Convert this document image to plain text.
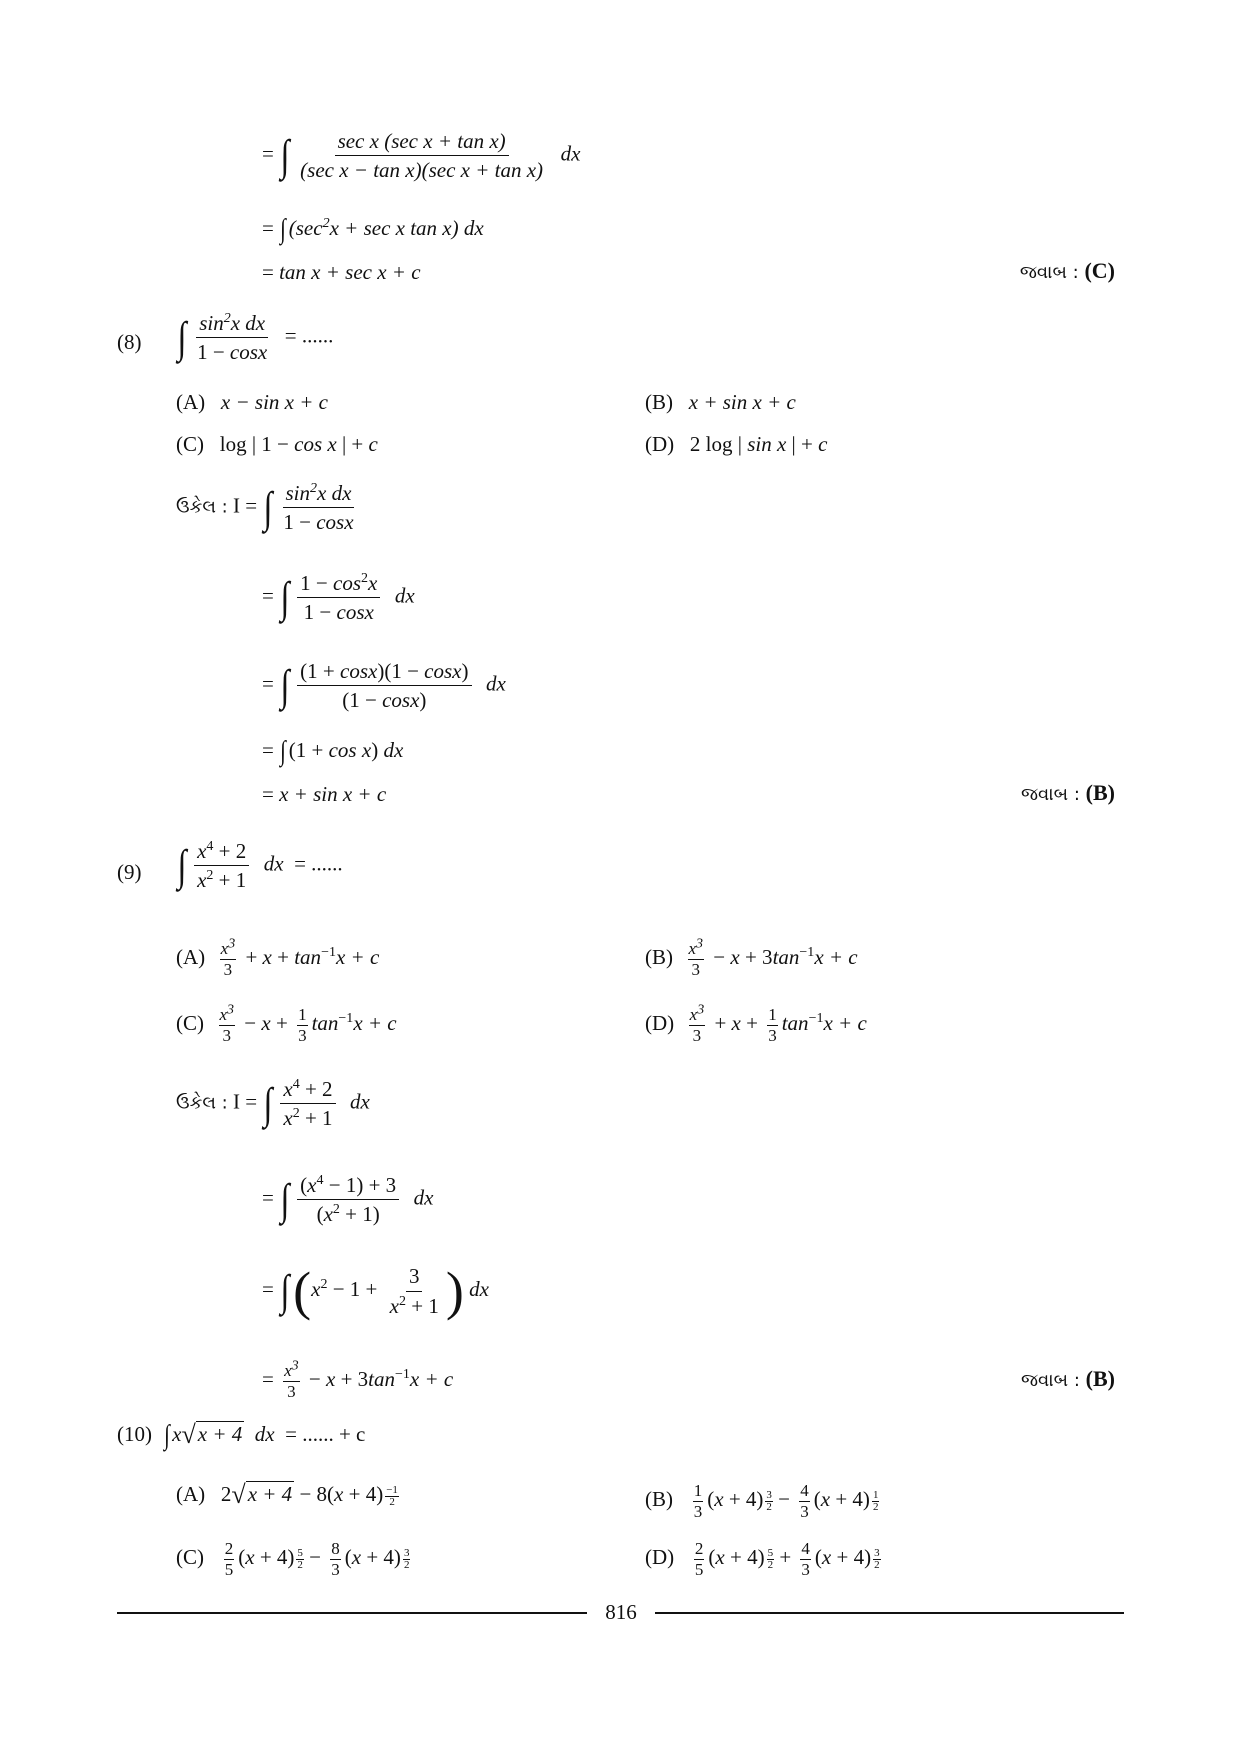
= ∫ $\frac{\text{sec x (sec x + tan x)}}{\text{(sec x − tan x)(sec x + tan x)}}$ dx
= ∫ ($\sec^2x + \sec x$ tan x) dx
= tan x + sec x + c	જવાબ : (C)
(8) ∫ $\frac{\sin^2x dx}{1 - \cos x}$ = ......
(A) x − sin x + c	(B) x + sin x + c
(C)   log | 1 − cos x | + c	(D)   2 log | sin x | + c
ઉકેલ : I = ∫ $\frac{\sin^2x dx}{1 - \cos x}$
= ∫ $\frac{1 - \cos^2x}{1 - \cos x}$ dx
= ∫ $\frac{(1 + \cos x)(1 - \cos x)}{(1 - \cos x)}$ dx
= ∫ (1 + cos x) dx
= x + sin x + c	જવાબ : (B)
(9) ∫ $\frac{x^4 + 2}{x^2 + 1}$ dx = ......
$(A) \frac{x^3}{3} + x + \tan^{-1}x + c$	$(B) \frac{x^3}{3} - x + 3\tan^{-1}x + c$
$(C) \frac{x^3}{3} - x + \frac{1}{3} \tan^{-1}x + c$	$(D) \frac{x^3}{3} + x + \frac{1}{3} \tan^{-1}x + c$
ઉકેલ : I = ∫ $\frac{x^4 + 2}{x^2 + 1}$ dx
= ∫ $\frac{(x^4 - 1) + 3}{(x^2 + 1)}$ dx
= $\int(x^2 - 1 + \frac{3}{x^2 + 1}$ ) dx
= $\frac{x^3}{3} - x + 3\tan^{-1}x + c$	જવાબ : (B)
(10) ∫ x√x + 4 dx = ...... + c
(A)   $2√x + 4 - 8(x + 4) \frac{-1}{2}$	$(B) \frac{1}{3} (x + 4) \frac{3}{2} - \frac{4}{3} (x + 4) \frac{1}{2}$
$(C) \frac{2}{5} (x + 4) \frac{5}{2} - \frac{8}{3} (x + 4) \frac{3}{2}$	$(D) \frac{2}{5} (x + 4) \frac{5}{2} + \frac{4}{3} (x + 4) \frac{3}{2}$
816
